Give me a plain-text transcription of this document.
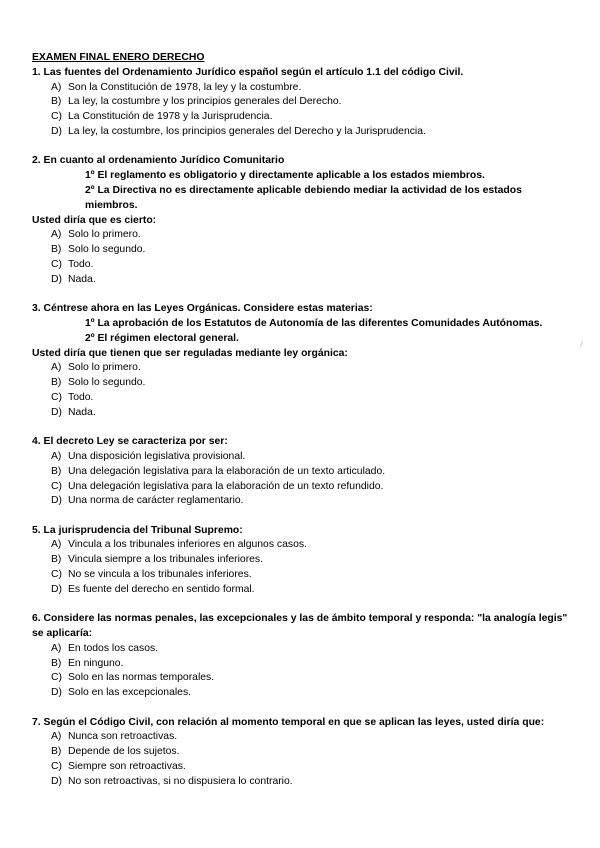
EXAMEN FINAL ENERO DERECHO

1. Las fuentes del Ordenamiento Jurídico español según el artículo 1.1 del código Civil.

A) Son la Constitución de 1978, la ley y la costumbre.
B) La ley, la costumbre y los principios generales del Derecho.
C) La Constitución de 1978 y la Jurisprudencia.
D) La ley, la costumbre, los principios generales del Derecho y la Jurisprudencia.

2. En cuanto al ordenamiento Jurídico Comunitario

1º El reglamento es obligatorio y directamente aplicable a los estados miembros.

2º La Directiva no es directamente aplicable debiendo mediar la actividad de los estados miembros.

Usted diría que es cierto:

A) Solo lo primero.
B) Solo lo segundo.
C) Todo.
D) Nada.

3. Céntrese ahora en las Leyes Orgánicas. Considere estas materias:

1º La aprobación de los Estatutos de Autonomía de las diferentes Comunidades Autónomas.

2º El régimen electoral general.

Usted diría que tienen que ser reguladas mediante ley orgánica:

A) Solo lo primero.
B) Solo lo segundo.
C) Todo.
D) Nada.

4. El decreto Ley se caracteriza por ser:

A) Una disposición legislativa provisional.
B) Una delegación legislativa para la elaboración de un texto articulado.
C) Una delegación legislativa para la elaboración de un texto refundido.
D) Una norma de carácter reglamentario.

5. La jurisprudencia del Tribunal Supremo:

A) Vincula a los tribunales inferiores en algunos casos.
B) Vincula siempre a los tribunales inferiores.
C) No se vincula a los tribunales inferiores.
D) Es fuente del derecho en sentido formal.

6. Considere las normas penales, las excepcionales y las de ámbito temporal y responda: "la analogía legis" se aplicaría:

A) En todos los casos.
B) En ninguno.
C) Solo en las normas temporales.
D) Solo en las excepcionales.

7. Según el Código Civil, con relación al momento temporal en que se aplican las leyes, usted diría que:

A) Nunca son retroactivas.
B) Depende de los sujetos.
C) Siempre son retroactivas.
D) No son retroactivas, si no dispusiera lo contrario.
